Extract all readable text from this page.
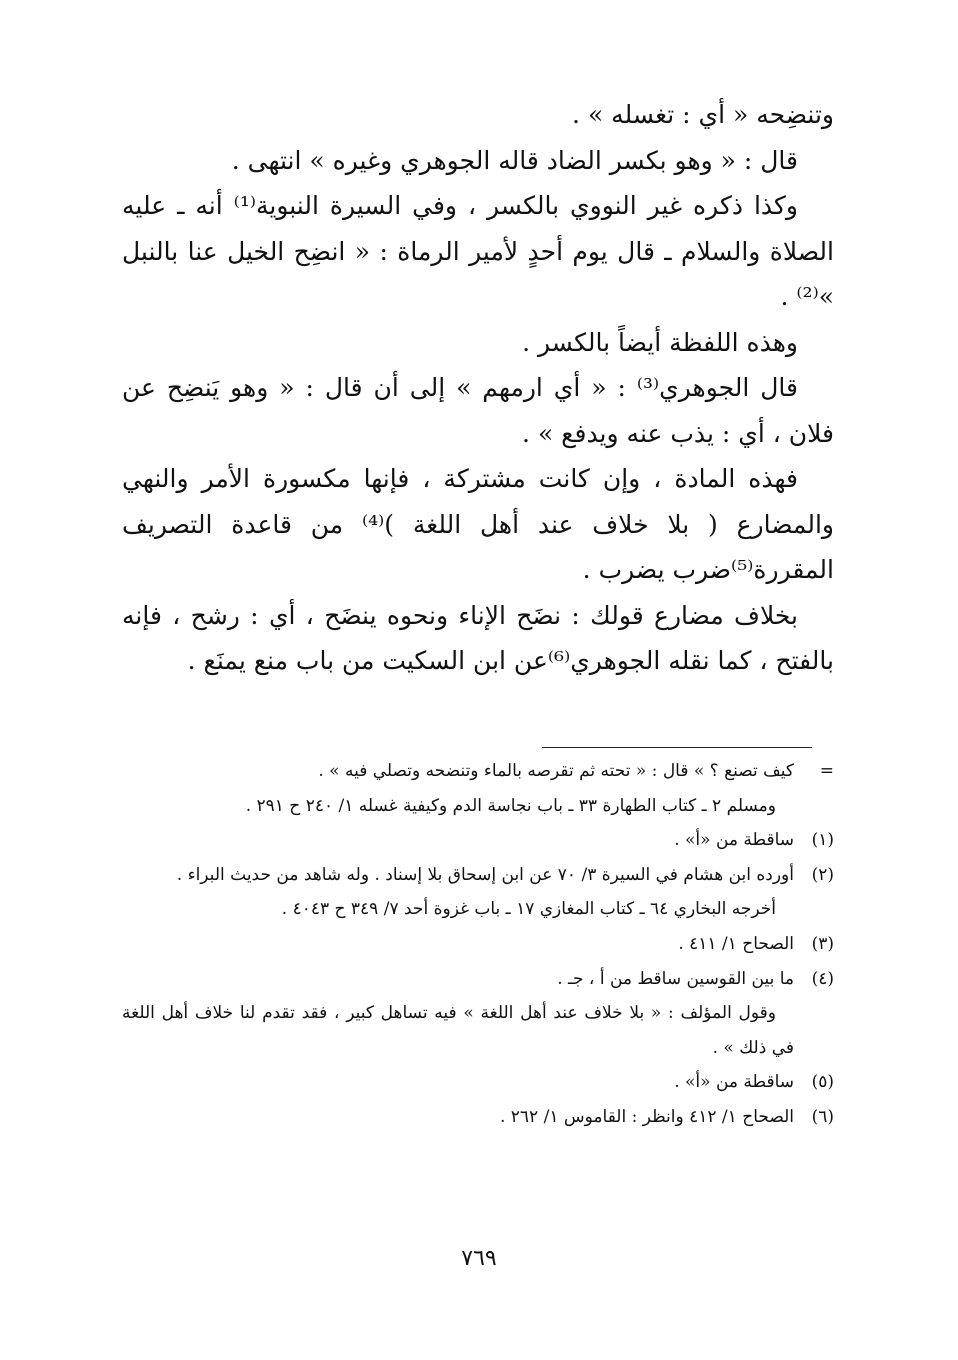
وتنضِحه « أي : تغسله » .

قال : « وهو بكسر الضاد قاله الجوهري وغيره » انتهى .

وكذا ذكره غير النووي بالكسر ، وفي السيرة النبوية⁽¹⁾ أنه ـ عليه الصلاة والسلام ـ قال يوم أحدٍ لأمير الرماة : « انضِح الخيل عنا بالنبل »⁽²⁾ .

وهذه اللفظة أيضاً بالكسر .

قال الجوهري⁽³⁾ : « أي ارمهم » إلى أن قال : « وهو يَنضِح عن فلان ، أي : يذب عنه ويدفع » .

فهذه المادة ، وإن كانت مشتركة ، فإنها مكسورة الأمر والنهي والمضارع ( بلا خلاف عند أهل اللغة )⁽⁴⁾ من قاعدة التصريف المقررة⁽⁵⁾ضرب يضرب .

بخلاف مضارع قولك : نضَح الإناء ونحوه ينضَح ، أي : رشح ، فإنه بالفتح ، كما نقله الجوهري⁽⁶⁾عن ابن السكيت من باب منع يمنَع .

=
كيف تصنع ؟ » قال : « تحته ثم تقرصه بالماء وتنضحه وتصلي فيه » .
ومسلم ٢ ـ كتاب الطهارة ٣٣ ـ باب نجاسة الدم وكيفية غسله ١/ ٢٤٠ ح ٢٩١ .
(١)
ساقطة من «أ» .
(٢)
أورده ابن هشام في السيرة ٣/ ٧٠ عن ابن إسحاق بلا إسناد . وله شاهد من حديث البراء .
أخرجه البخاري ٦٤ ـ كتاب المغازي ١٧ ـ باب غزوة أحد ٧/ ٣٤٩ ح ٤٠٤٣ .
(٣)
الصحاح ١/ ٤١١ .
(٤)
ما بين القوسين ساقط من أ ، جـ .
وقول المؤلف : « بلا خلاف عند أهل اللغة » فيه تساهل كبير ، فقد تقدم لنا خلاف أهل اللغة في ذلك » .
(٥)
ساقطة من «أ» .
(٦)
الصحاح ١/ ٤١٢ وانظر : القاموس ١/ ٢٦٢ .
٧٦٩
